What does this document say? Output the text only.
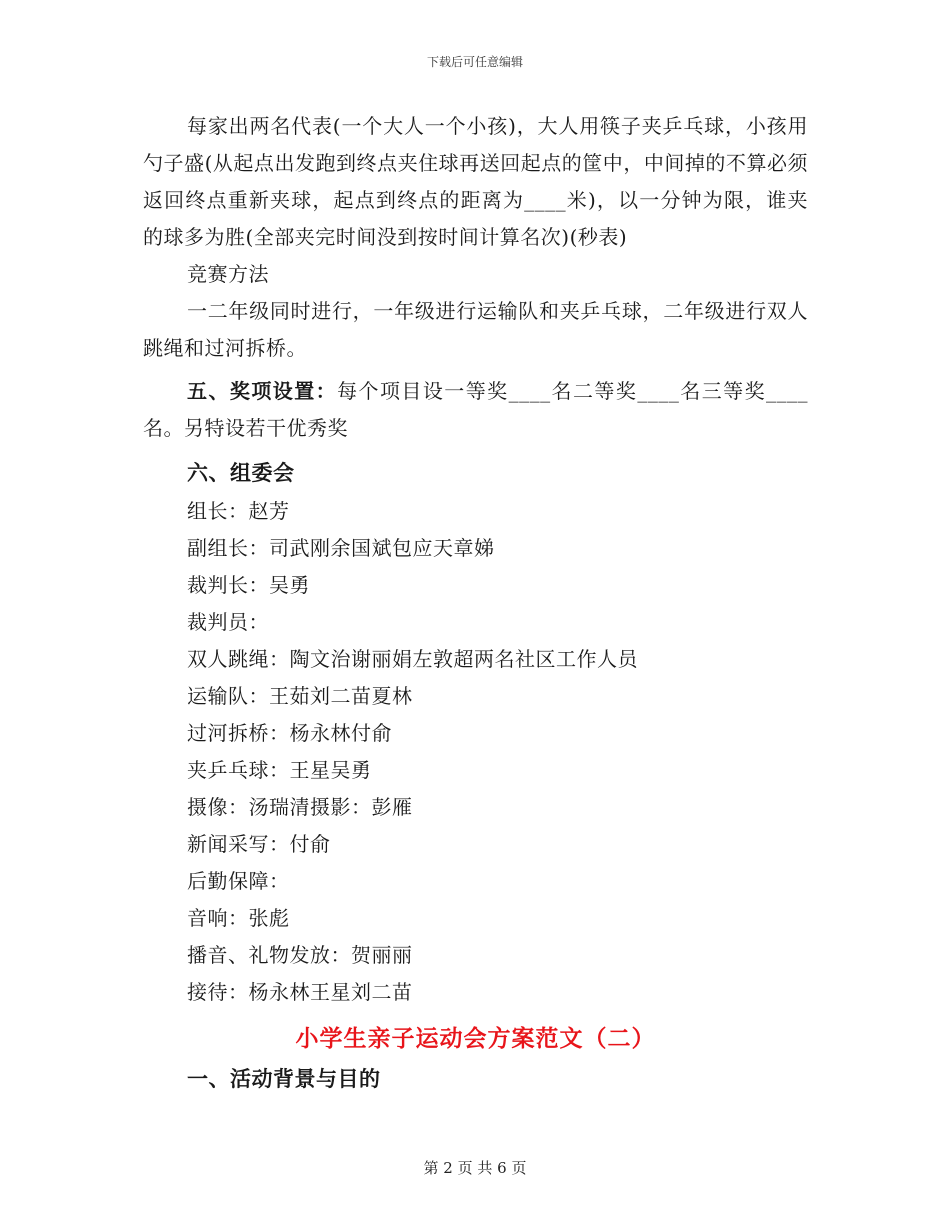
下载后可任意编辑

每家出两名代表(一个大人一个小孩)，大人用筷子夹乒乓球，小孩用勺子盛(从起点出发跑到终点夹住球再送回起点的筐中，中间掉的不算必须返回终点重新夹球，起点到终点的距离为____米)，以一分钟为限，谁夹的球多为胜(全部夹完时间没到按时间计算名次)(秒表)

竞赛方法

一二年级同时进行，一年级进行运输队和夹乒乓球，二年级进行双人跳绳和过河拆桥。

五、奖项设置：每个项目设一等奖____名二等奖____名三等奖____名。另特设若干优秀奖

六、组委会

组长：赵芳

副组长：司武刚余国斌包应天章娣

裁判长：吴勇

裁判员：

双人跳绳：陶文治谢丽娟左敦超两名社区工作人员

运输队：王茹刘二苗夏林

过河拆桥：杨永林付俞

夹乒乓球：王星吴勇

摄像：汤瑞清摄影：彭雁

新闻采写：付俞

后勤保障：

音响：张彪

播音、礼物发放：贺丽丽

接待：杨永林王星刘二苗

小学生亲子运动会方案范文（二）

一、活动背景与目的

第 2 页 共 6 页
